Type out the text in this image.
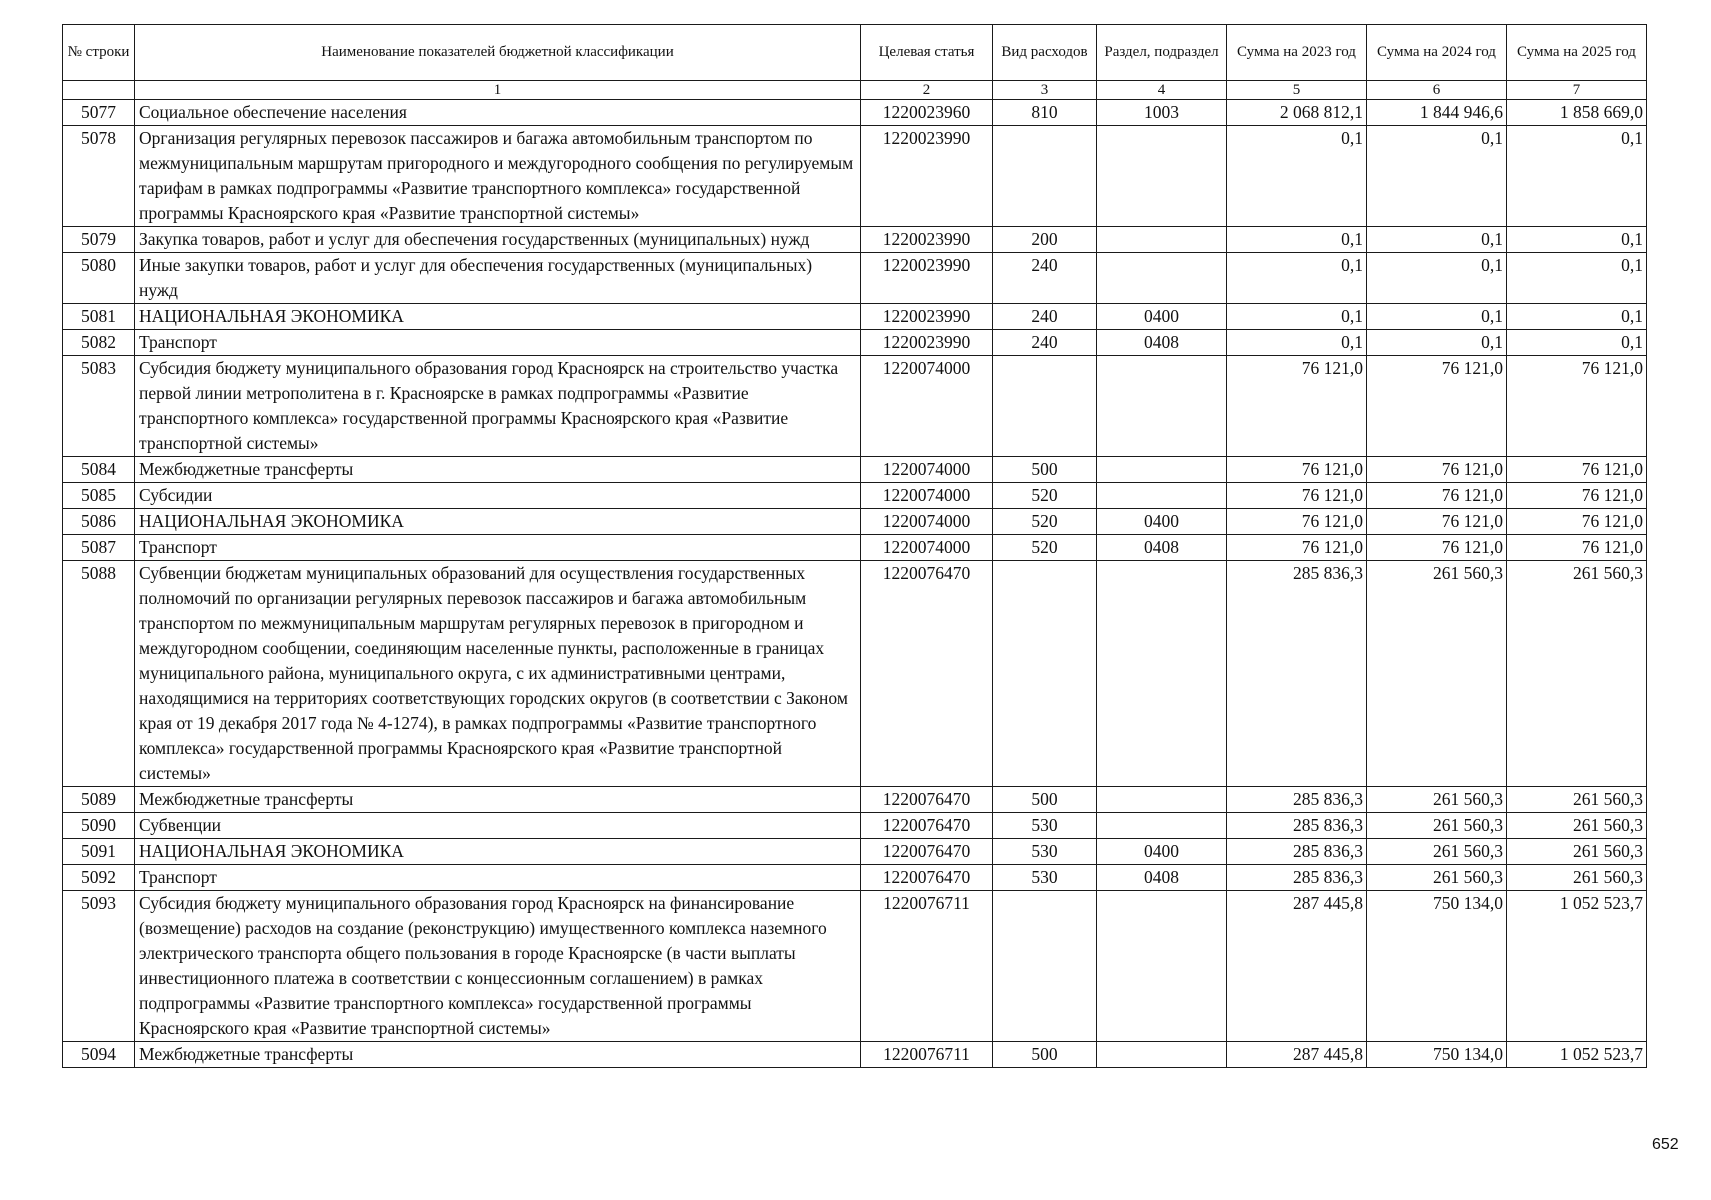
№ строки	Наименование показателей бюджетной классификации	Целевая статья	Вид расходов	Раздел, подраздел	Сумма на 2023 год	Сумма на 2024 год	Сумма на 2025 год
	1	2	3	4	5	6	7
5077	Социальное обеспечение населения	1220023960	810	1003	2 068 812,1	1 844 946,6	1 858 669,0
5078	Организация регулярных перевозок пассажиров и багажа автомобильным транспортом по межмуниципальным маршрутам пригородного и междугородного сообщения по регулируемым тарифам в рамках подпрограммы «Развитие транспортного комплекса» государственной программы Красноярского края «Развитие транспортной системы»	1220023990			0,1	0,1	0,1
5079	Закупка товаров, работ и услуг для обеспечения государственных (муниципальных) нужд	1220023990	200		0,1	0,1	0,1
5080	Иные закупки товаров, работ и услуг для обеспечения государственных (муниципальных) нужд	1220023990	240		0,1	0,1	0,1
5081	НАЦИОНАЛЬНАЯ ЭКОНОМИКА	1220023990	240	0400	0,1	0,1	0,1
5082	Транспорт	1220023990	240	0408	0,1	0,1	0,1
5083	Субсидия бюджету муниципального образования город Красноярск на строительство участка первой линии метрополитена в г. Красноярске в рамках подпрограммы «Развитие транспортного комплекса» государственной программы Красноярского края «Развитие транспортной системы»	1220074000			76 121,0	76 121,0	76 121,0
5084	Межбюджетные трансферты	1220074000	500		76 121,0	76 121,0	76 121,0
5085	Субсидии	1220074000	520		76 121,0	76 121,0	76 121,0
5086	НАЦИОНАЛЬНАЯ ЭКОНОМИКА	1220074000	520	0400	76 121,0	76 121,0	76 121,0
5087	Транспорт	1220074000	520	0408	76 121,0	76 121,0	76 121,0
5088	Субвенции бюджетам муниципальных образований для осуществления государственных полномочий по организации регулярных перевозок пассажиров и багажа автомобильным транспортом по межмуниципальным маршрутам регулярных перевозок в пригородном и междугородном сообщении, соединяющим населенные пункты, расположенные в границах муниципального района, муниципального округа, с их административными центрами, находящимися на территориях соответствующих городских округов (в соответствии с Законом края от 19 декабря 2017 года № 4-1274), в рамках подпрограммы «Развитие транспортного комплекса» государственной программы Красноярского края «Развитие транспортной системы»	1220076470			285 836,3	261 560,3	261 560,3
5089	Межбюджетные трансферты	1220076470	500		285 836,3	261 560,3	261 560,3
5090	Субвенции	1220076470	530		285 836,3	261 560,3	261 560,3
5091	НАЦИОНАЛЬНАЯ ЭКОНОМИКА	1220076470	530	0400	285 836,3	261 560,3	261 560,3
5092	Транспорт	1220076470	530	0408	285 836,3	261 560,3	261 560,3
5093	Субсидия бюджету муниципального образования город Красноярск на финансирование (возмещение) расходов на создание (реконструкцию) имущественного комплекса наземного электрического транспорта общего пользования в городе Красноярске (в части выплаты инвестиционного платежа в соответствии с концессионным соглашением) в рамках подпрограммы «Развитие транспортного комплекса» государственной программы Красноярского края «Развитие транспортной системы»	1220076711			287 445,8	750 134,0	1 052 523,7
5094	Межбюджетные трансферты	1220076711	500		287 445,8	750 134,0	1 052 523,7
652
